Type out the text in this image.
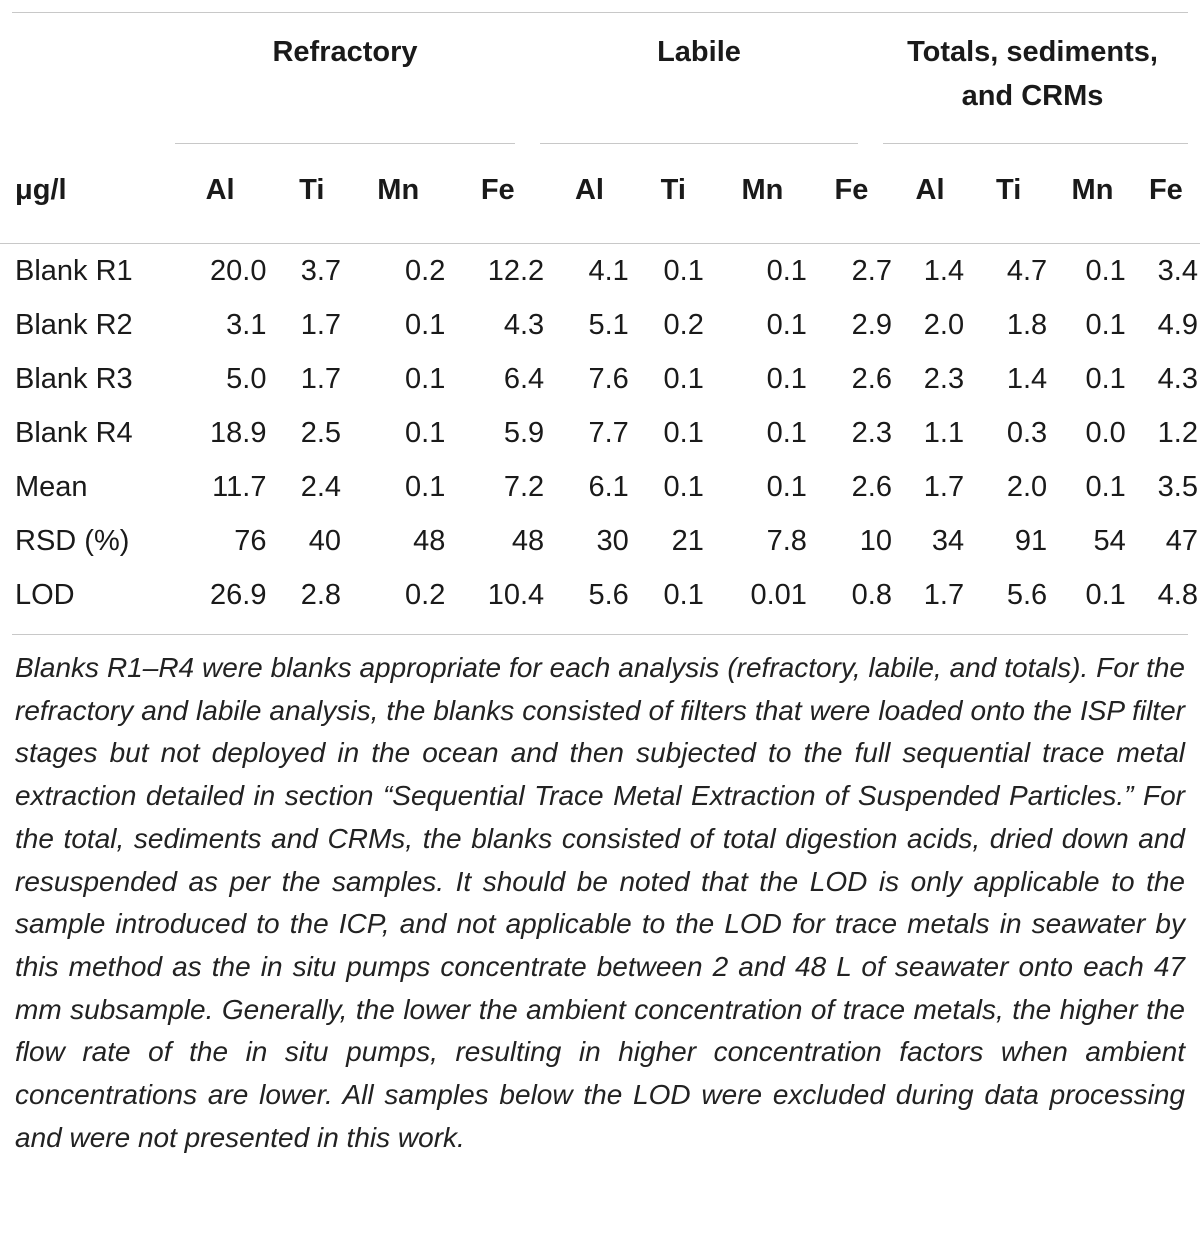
Refractory	Labile	Totals, sediments,
and CRMs
μg/l	Al	Ti	Mn	Fe	Al	Ti	Mn	Fe	Al	Ti	Mn	Fe

Blank R1	20.0	3.7	0.2	12.2	4.1	0.1	0.1	2.7	1.4	4.7	0.1	3.4
Blank R2	3.1	1.7	0.1	4.3	5.1	0.2	0.1	2.9	2.0	1.8	0.1	4.9
Blank R3	5.0	1.7	0.1	6.4	7.6	0.1	0.1	2.6	2.3	1.4	0.1	4.3
Blank R4	18.9	2.5	0.1	5.9	7.7	0.1	0.1	2.3	1.1	0.3	0.0	1.2
Mean	11.7	2.4	0.1	7.2	6.1	0.1	0.1	2.6	1.7	2.0	0.1	3.5
RSD (%)	76	40	48	48	30	21	7.8	10	34	91	54	47
LOD	26.9	2.8	0.2	10.4	5.6	0.1	0.01	0.8	1.7	5.6	0.1	4.8

Blanks R1–R4 were blanks appropriate for each analysis (refractory, labile, and totals). For the refractory and labile analysis, the blanks consisted of filters that were loaded onto the ISP filter stages but not deployed in the ocean and then subjected to the full sequential trace metal extraction detailed in section “Sequential Trace Metal Extraction of Suspended Particles.” For the total, sediments and CRMs, the blanks consisted of total digestion acids, dried down and resuspended as per the samples. It should be noted that the LOD is only applicable to the sample introduced to the ICP, and not applicable to the LOD for trace metals in seawater by this method as the in situ pumps concentrate between 2 and 48 L of seawater onto each 47 mm subsample. Generally, the lower the ambient concentration of trace metals, the higher the flow rate of the in situ pumps, resulting in higher concentration factors when ambient concentrations are lower. All samples below the LOD were excluded during data processing and were not presented in this work.
